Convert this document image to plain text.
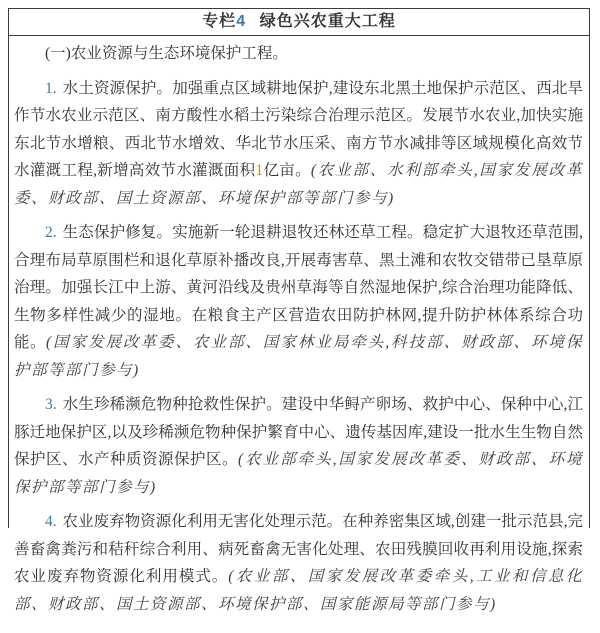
专栏4 绿色兴农重大工程

(一)农业资源与生态环境保护工程。

1. 水土资源保护。加强重点区域耕地保护,建设东北黑土地保护示范区、西北旱作节水农业示范区、南方酸性水稻土污染综合治理示范区。发展节水农业,加快实施东北节水增粮、西北节水增效、华北节水压采、南方节水减排等区域规模化高效节水灌溉工程,新增高效节水灌溉面积1亿亩。(农业部、水利部牵头,国家发展改革委、财政部、国土资源部、环境保护部等部门参与)

2. 生态保护修复。实施新一轮退耕退牧还林还草工程。稳定扩大退牧还草范围,合理布局草原围栏和退化草原补播改良,开展毒害草、黑土滩和农牧交错带已垦草原治理。加强长江中上游、黄河沿线及贵州草海等自然湿地保护,综合治理功能降低、生物多样性减少的湿地。在粮食主产区营造农田防护林网,提升防护林体系综合功能。(国家发展改革委、农业部、国家林业局牵头,科技部、财政部、环境保护部等部门参与)

3. 水生珍稀濒危物种抢救性保护。建设中华鲟产卵场、救护中心、保种中心,江豚迁地保护区,以及珍稀濒危物种保护繁育中心、遗传基因库,建设一批水生生物自然保护区、水产种质资源保护区。(农业部牵头,国家发展改革委、财政部、环境保护部等部门参与)

4. 农业废弃物资源化利用无害化处理示范。在种养密集区域,创建一批示范县,完善畜禽粪污和秸秆综合利用、病死畜禽无害化处理、农田残膜回收再利用设施,探索农业废弃物资源化利用模式。(农业部、国家发展改革委牵头,工业和信息化部、财政部、国土资源部、环境保护部、国家能源局等部门参与)
